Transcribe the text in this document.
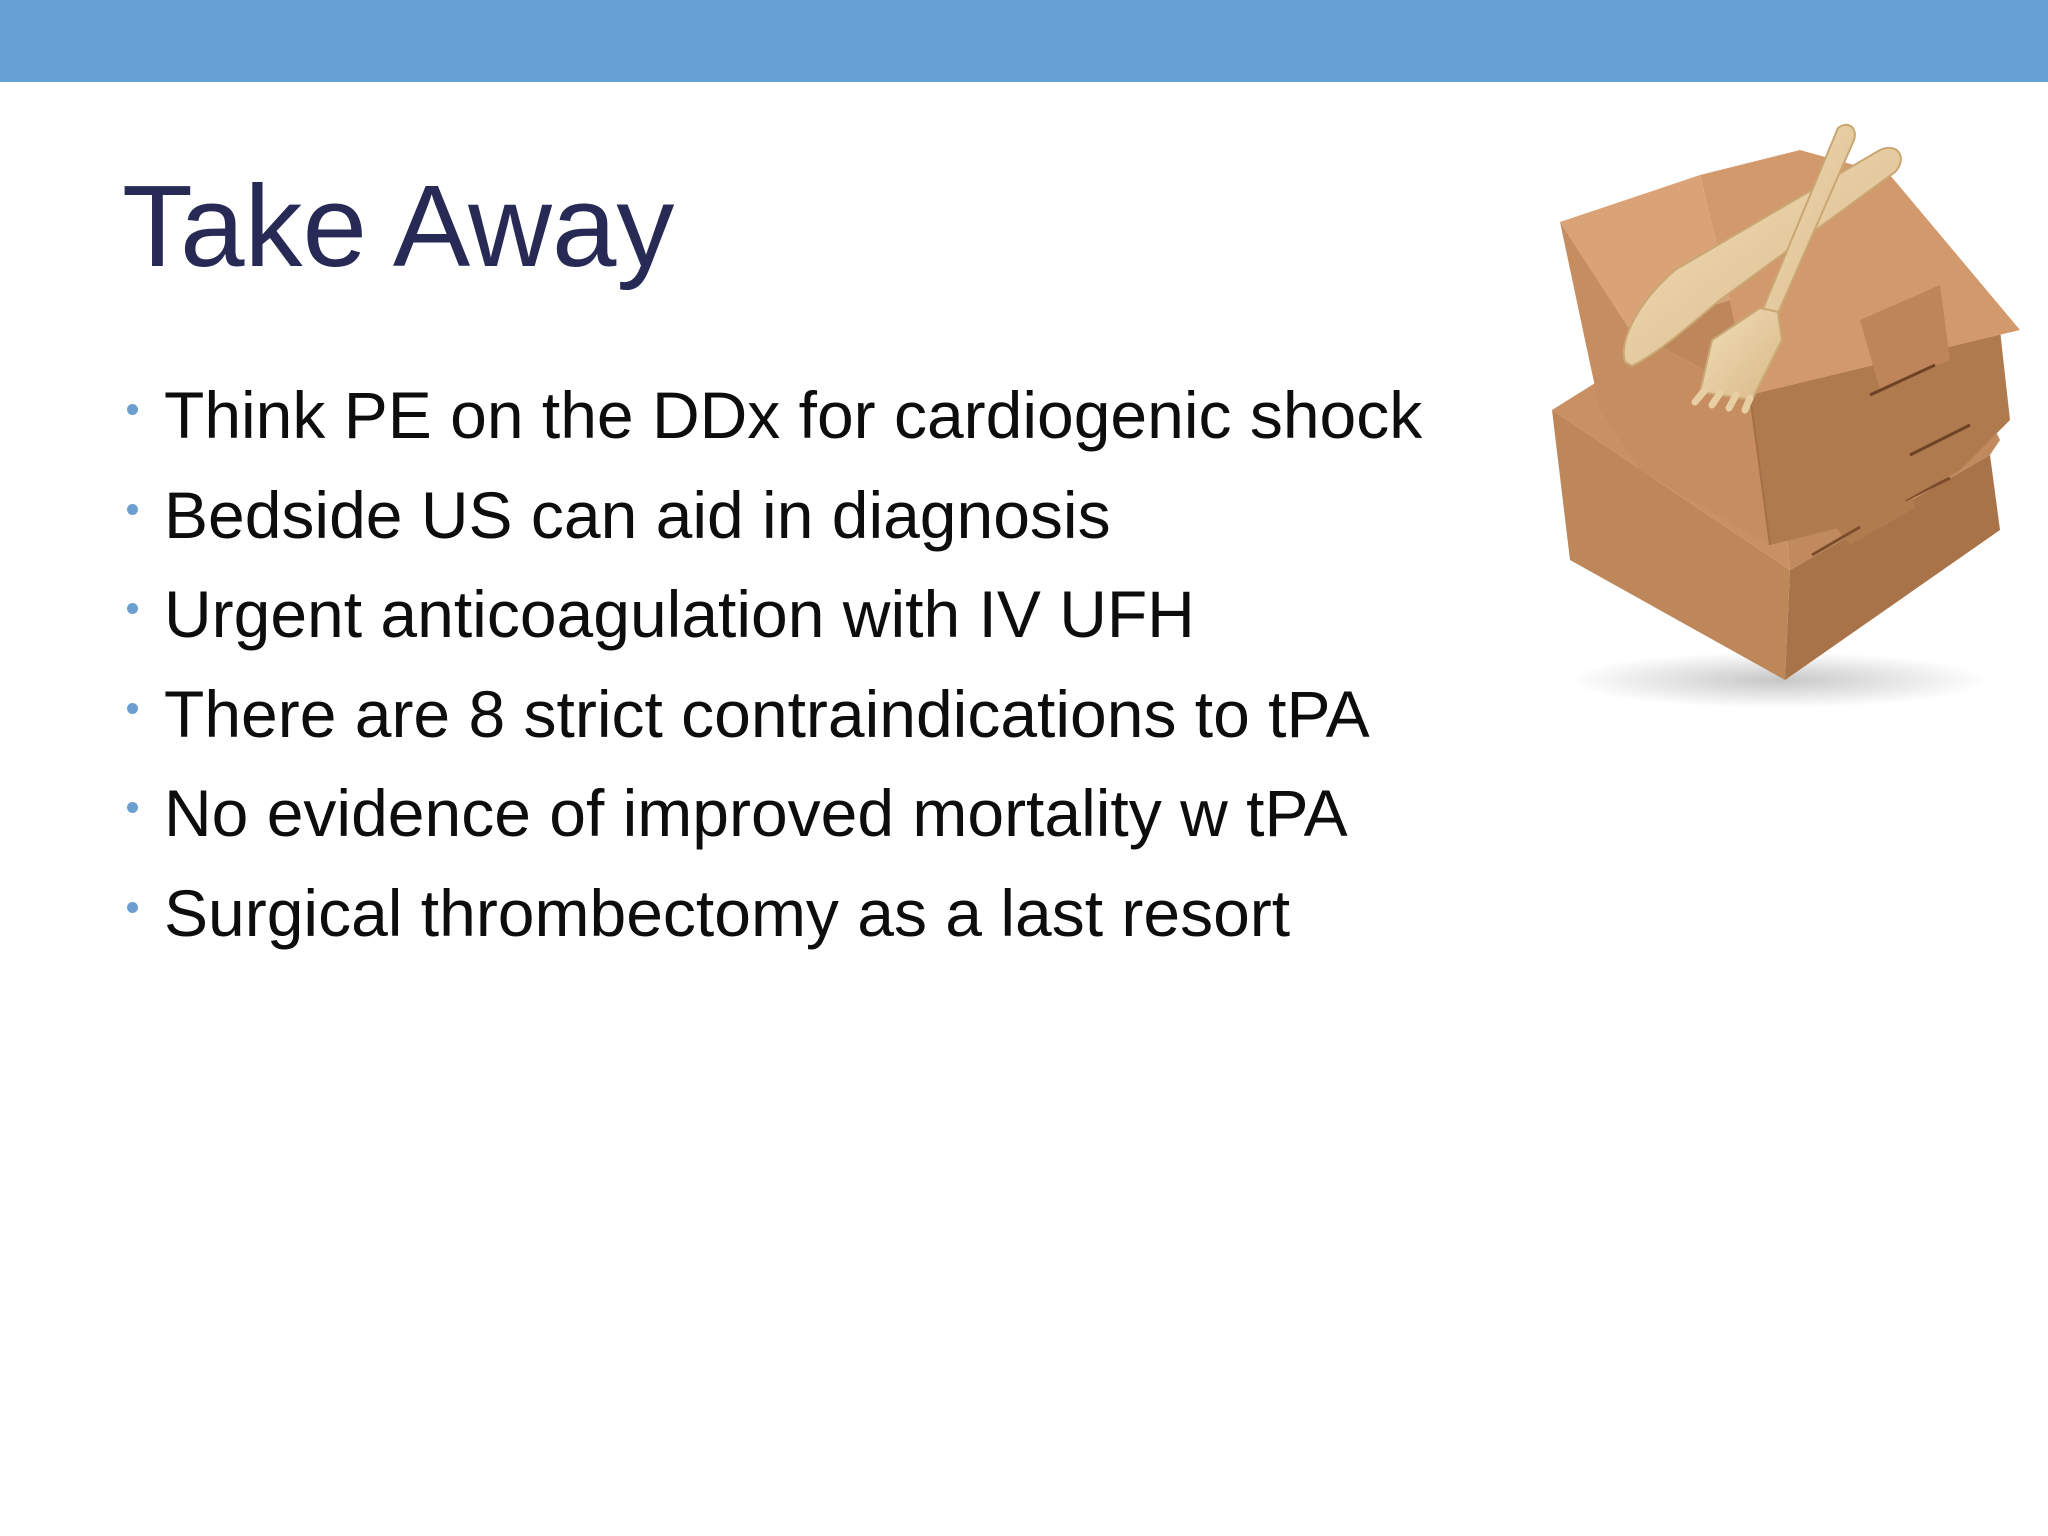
Take Away
Think PE on the DDx for cardiogenic shock
Bedside US can aid in diagnosis
Urgent anticoagulation with IV UFH
There are 8 strict contraindications to tPA
No evidence of improved mortality w tPA
Surgical thrombectomy as a last resort
